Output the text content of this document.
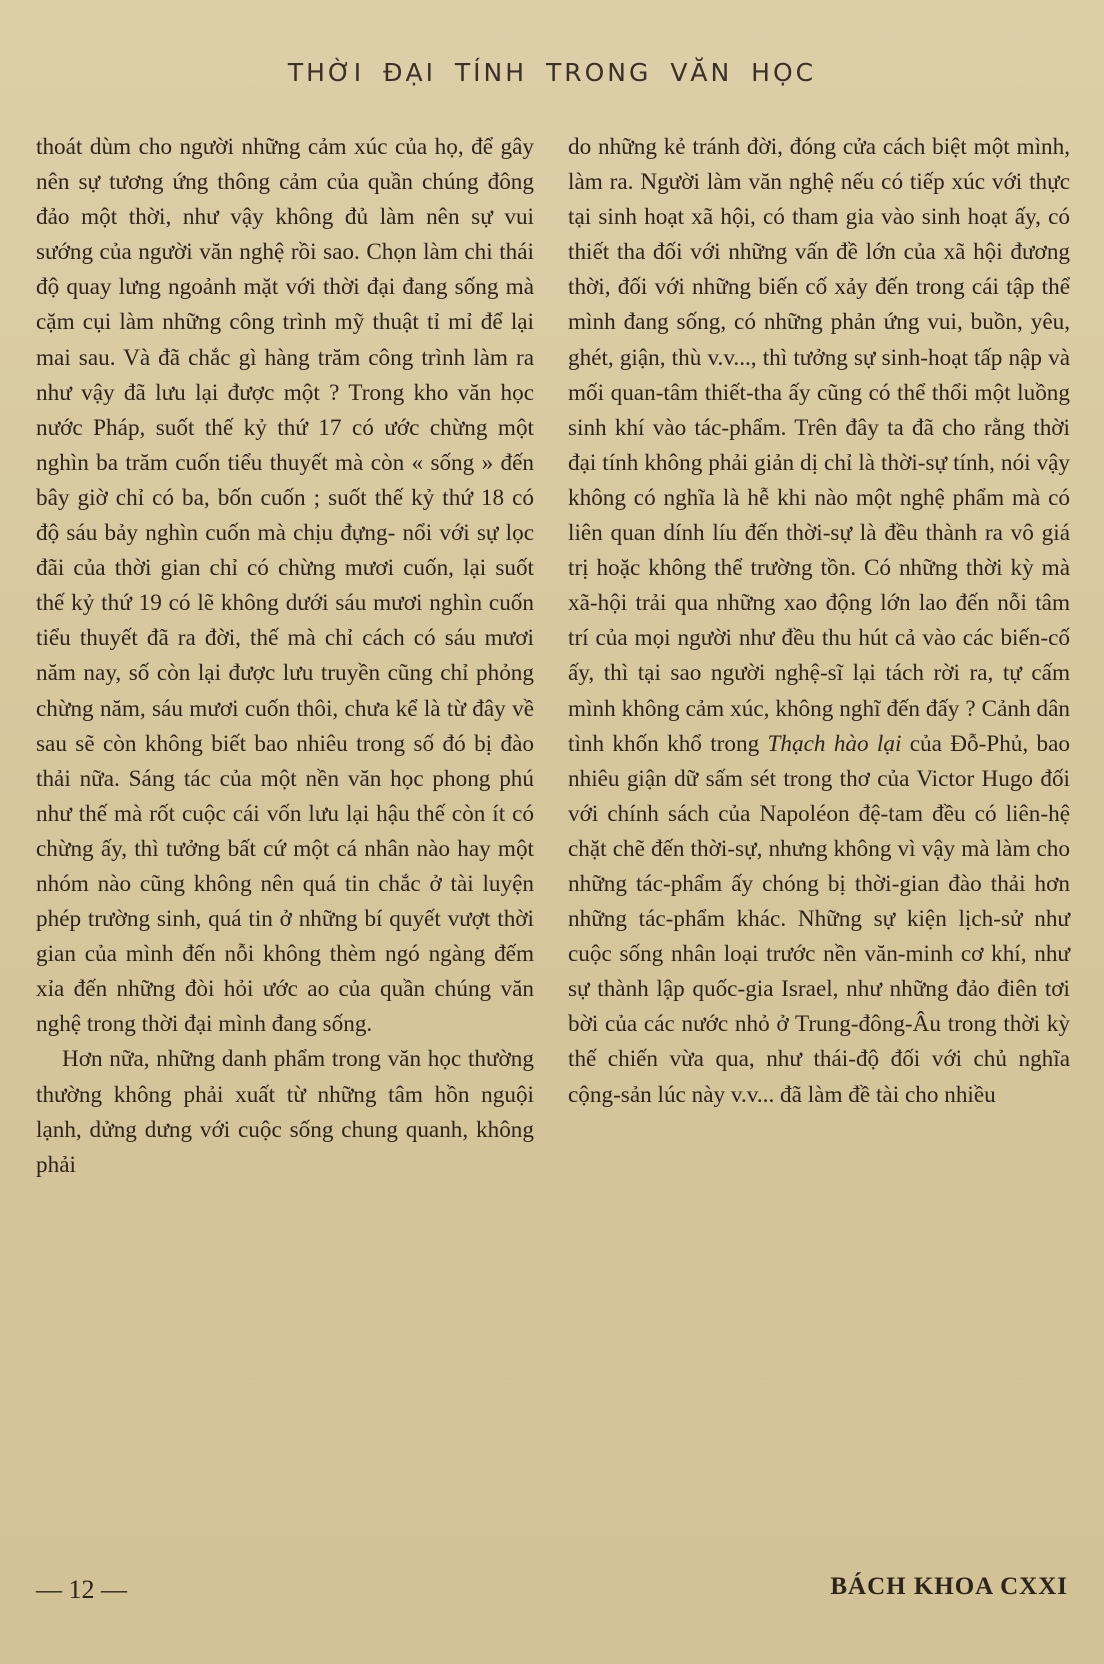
THỜI ĐẠI TÍNH TRONG VĂN HỌC

thoát dùm cho người những cảm xúc của họ, để gây nên sự tương ứng thông cảm của quần chúng đông đảo một thời, như vậy không đủ làm nên sự vui sướng của người văn nghệ rồi sao. Chọn làm chi thái độ quay lưng ngoảnh mặt với thời đại đang sống mà cặm cụi làm những công trình mỹ thuật tỉ mỉ để lại mai sau. Và đã chắc gì hàng trăm công trình làm ra như vậy đã lưu lại được một ? Trong kho văn học nước Pháp, suốt thế kỷ thứ 17 có ước chừng một nghìn ba trăm cuốn tiểu thuyết mà còn « sống » đến bây giờ chỉ có ba, bốn cuốn ; suốt thế kỷ thứ 18 có độ sáu bảy nghìn cuốn mà chịu đựng- nổi với sự lọc đãi của thời gian chỉ có chừng mươi cuốn, lại suốt thế kỷ thứ 19 có lẽ không dưới sáu mươi nghìn cuốn tiểu thuyết đã ra đời, thế mà chỉ cách có sáu mươi năm nay, số còn lại được lưu truyền cũng chỉ phỏng chừng năm, sáu mươi cuốn thôi, chưa kể là từ đây về sau sẽ còn không biết bao nhiêu trong số đó bị đào thải nữa. Sáng tác của một nền văn học phong phú như thế mà rốt cuộc cái vốn lưu lại hậu thế còn ít có chừng ấy, thì tưởng bất cứ một cá nhân nào hay một nhóm nào cũng không nên quá tin chắc ở tài luyện phép trường sinh, quá tin ở những bí quyết vượt thời gian của mình đến nỗi không thèm ngó ngàng đếm xỉa đến những đòi hỏi ước ao của quần chúng văn nghệ trong thời đại mình đang sống.

Hơn nữa, những danh phẩm trong văn học thường thường không phải xuất từ những tâm hồn nguội lạnh, dửng dưng với cuộc sống chung quanh, không phải

do những kẻ tránh đời, đóng cửa cách biệt một mình, làm ra. Người làm văn nghệ nếu có tiếp xúc với thực tại sinh hoạt xã hội, có tham gia vào sinh hoạt ấy, có thiết tha đối với những vấn đề lớn của xã hội đương thời, đối với những biến cố xảy đến trong cái tập thể mình đang sống, có những phản ứng vui, buồn, yêu, ghét, giận, thù v.v..., thì tưởng sự sinh-hoạt tấp nập và mối quan-tâm thiết-tha ấy cũng có thể thổi một luồng sinh khí vào tác-phẩm. Trên đây ta đã cho rằng thời đại tính không phải giản dị chỉ là thời-sự tính, nói vậy không có nghĩa là hễ khi nào một nghệ phẩm mà có liên quan dính líu đến thời-sự là đều thành ra vô giá trị hoặc không thể trường tồn. Có những thời kỳ mà xã-hội trải qua những xao động lớn lao đến nỗi tâm trí của mọi người như đều thu hút cả vào các biến-cố ấy, thì tại sao người nghệ-sĩ lại tách rời ra, tự cấm mình không cảm xúc, không nghĩ đến đấy ? Cảnh dân tình khốn khổ trong Thạch hào lại của Đỗ-Phủ, bao nhiêu giận dữ sấm sét trong thơ của Victor Hugo đối với chính sách của Napoléon đệ-tam đều có liên-hệ chặt chẽ đến thời-sự, nhưng không vì vậy mà làm cho những tác-phẩm ấy chóng bị thời-gian đào thải hơn những tác-phẩm khác. Những sự kiện lịch-sử như cuộc sống nhân loại trước nền văn-minh cơ khí, như sự thành lập quốc-gia Israel, như những đảo điên tơi bời của các nước nhỏ ở Trung-đông-Âu trong thời kỳ thế chiến vừa qua, như thái-độ đối với chủ nghĩa cộng-sản lúc này v.v... đã làm đề tài cho nhiều

— 12 —	BÁCH KHOA CXXI
